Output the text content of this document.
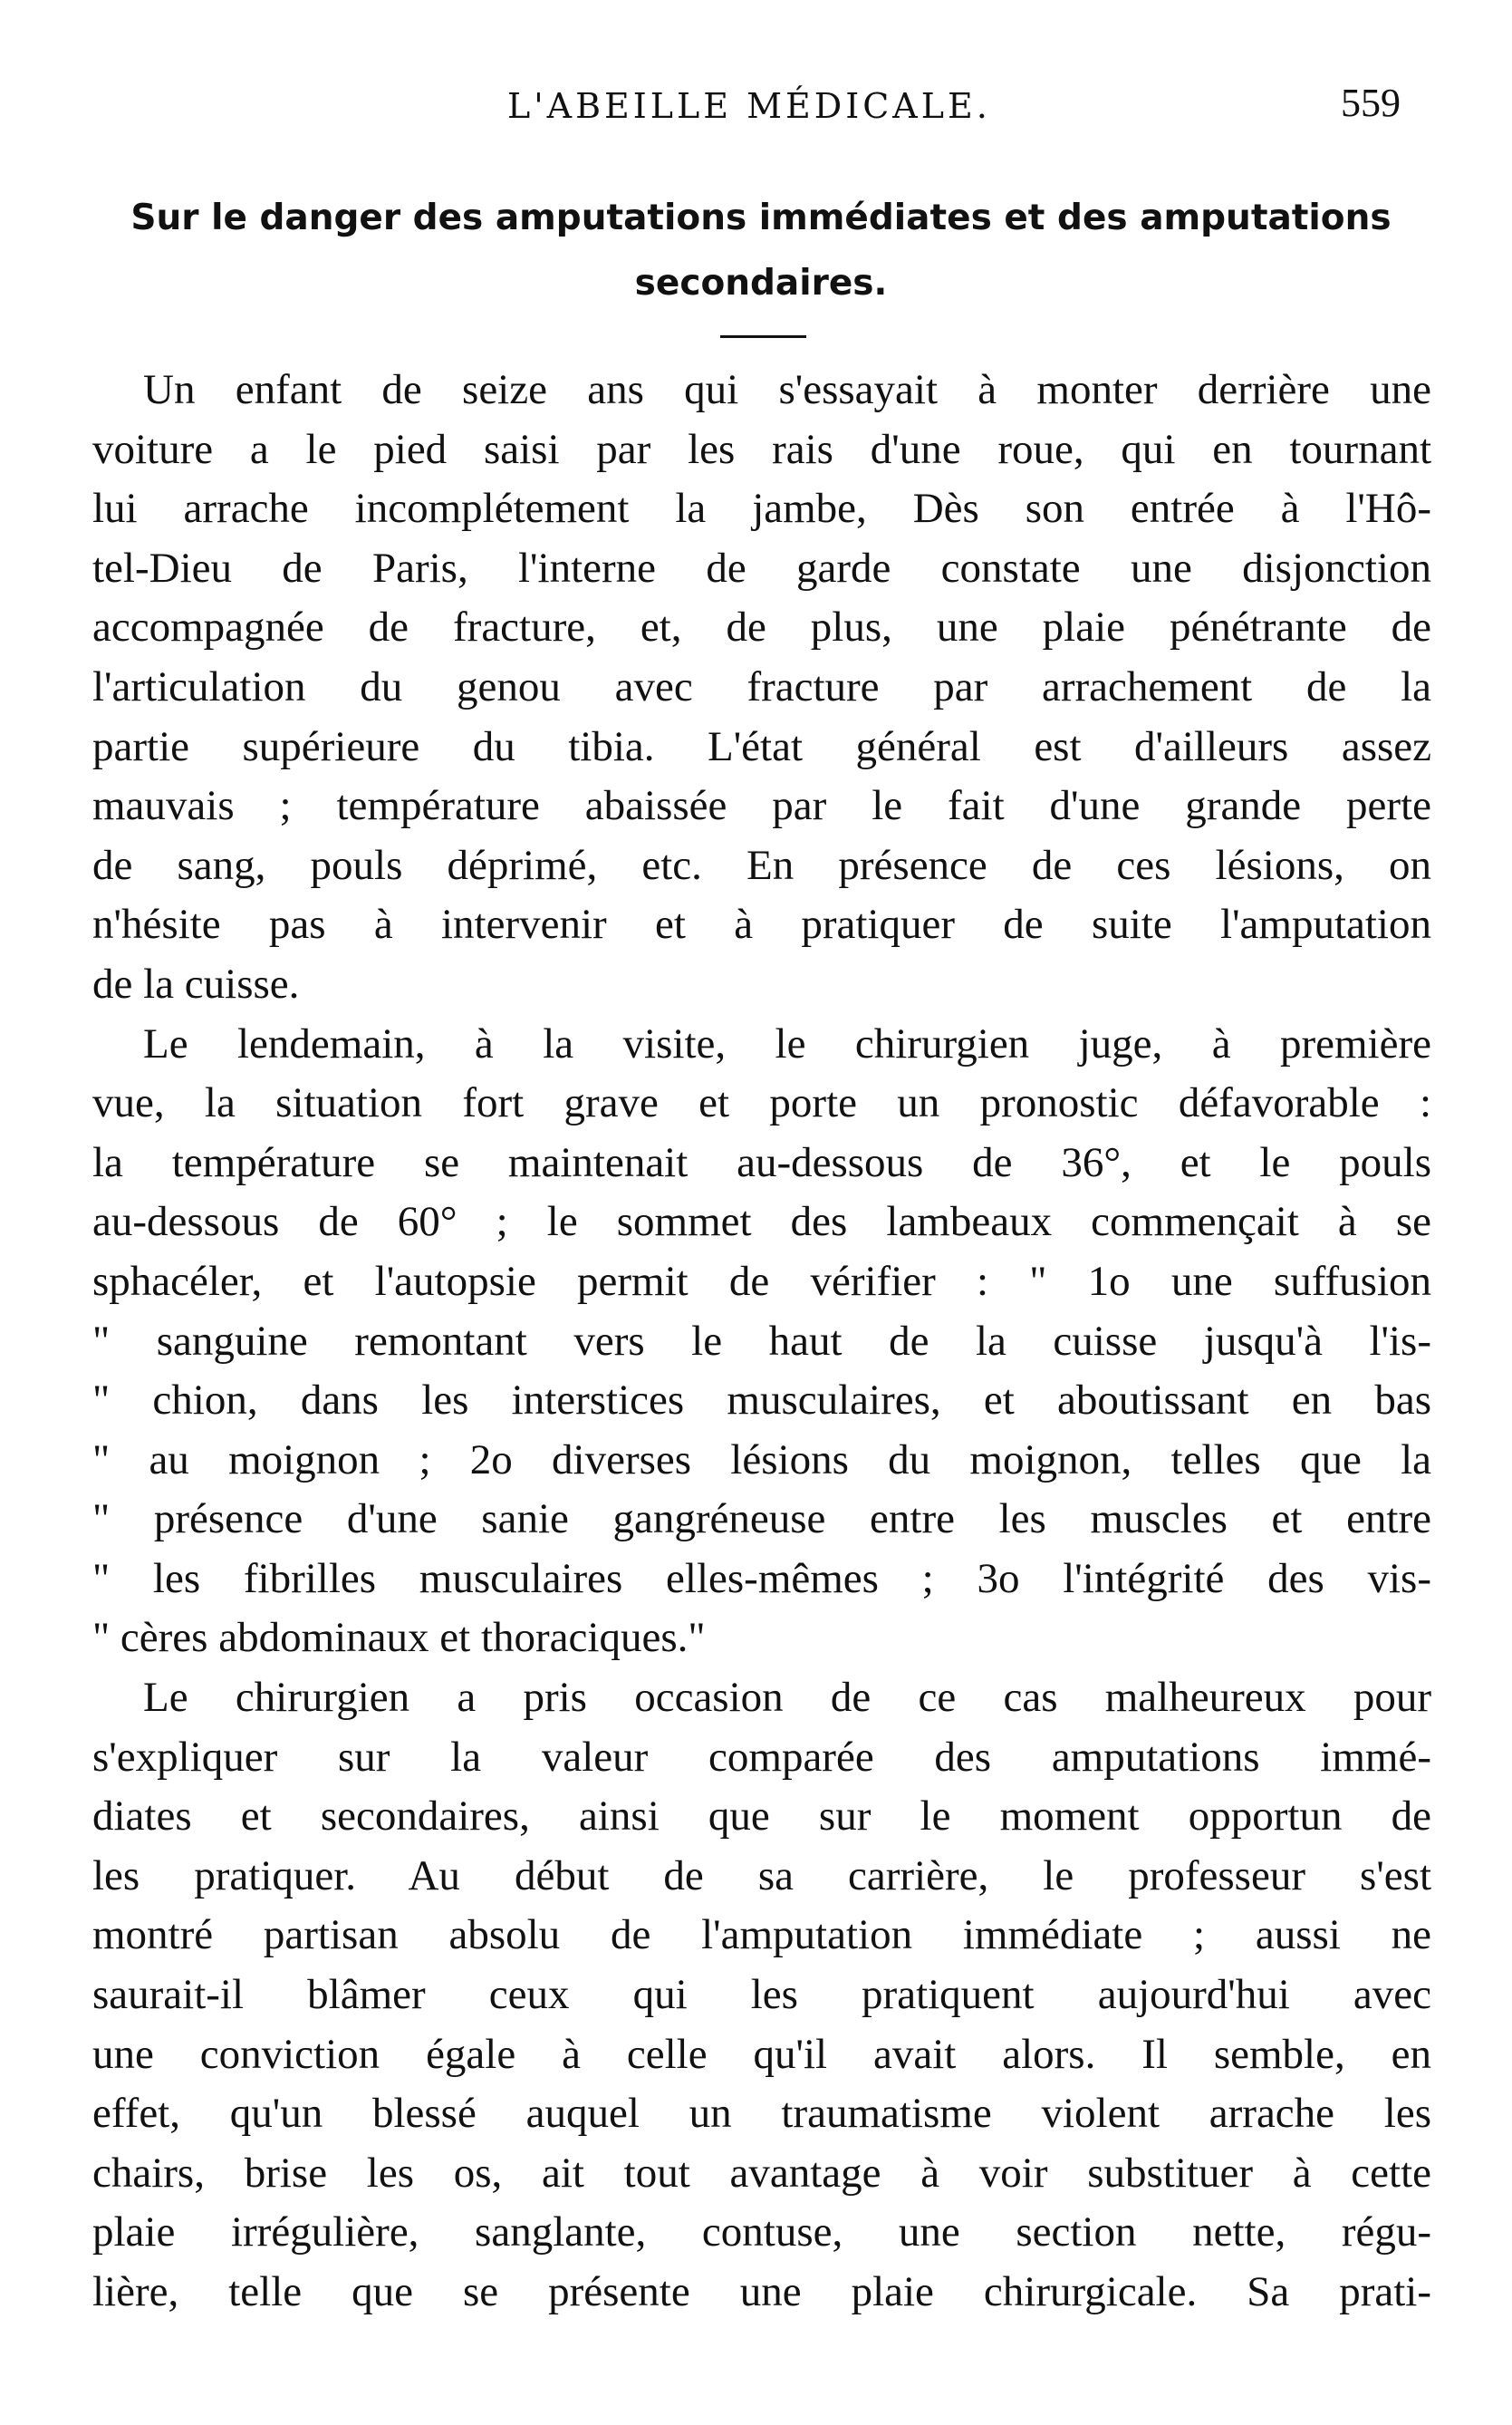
L'ABEILLE MÉDICALE.	559
Sur le danger des amputations immédiates et des amputations
secondaires.
Un enfant de seize ans qui s'essayait à monter derrière une
voiture a le pied saisi par les rais d'une roue, qui en tournant
lui arrache incomplétement la jambe, Dès son entrée à l'Hô-
tel-Dieu de Paris, l'interne de garde constate une disjonction
accompagnée de fracture, et, de plus, une plaie pénétrante de
l'articulation du genou avec fracture par arrachement de la
partie supérieure du tibia. L'état général est d'ailleurs assez
mauvais ; température abaissée par le fait d'une grande perte
de sang, pouls déprimé, etc. En présence de ces lésions, on
n'hésite pas à intervenir et à pratiquer de suite l'amputation
de la cuisse.
Le lendemain, à la visite, le chirurgien juge, à première
vue, la situation fort grave et porte un pronostic défavorable :
la température se maintenait au-dessous de 36°, et le pouls
au-dessous de 60° ; le sommet des lambeaux commençait à se
sphacéler, et l'autopsie permit de vérifier : " 1o une suffusion
" sanguine remontant vers le haut de la cuisse jusqu'à l'is-
" chion, dans les interstices musculaires, et aboutissant en bas
" au moignon ; 2o diverses lésions du moignon, telles que la
" présence d'une sanie gangréneuse entre les muscles et entre
" les fibrilles musculaires elles-mêmes ; 3o l'intégrité des vis-
" cères abdominaux et thoraciques."
Le chirurgien a pris occasion de ce cas malheureux pour
s'expliquer sur la valeur comparée des amputations immé-
diates et secondaires, ainsi que sur le moment opportun de
les pratiquer. Au début de sa carrière, le professeur s'est
montré partisan absolu de l'amputation immédiate ; aussi ne
saurait-il blâmer ceux qui les pratiquent aujourd'hui avec
une conviction égale à celle qu'il avait alors. Il semble, en
effet, qu'un blessé auquel un traumatisme violent arrache les
chairs, brise les os, ait tout avantage à voir substituer à cette
plaie irrégulière, sanglante, contuse, une section nette, régu-
lière, telle que se présente une plaie chirurgicale. Sa prati-
